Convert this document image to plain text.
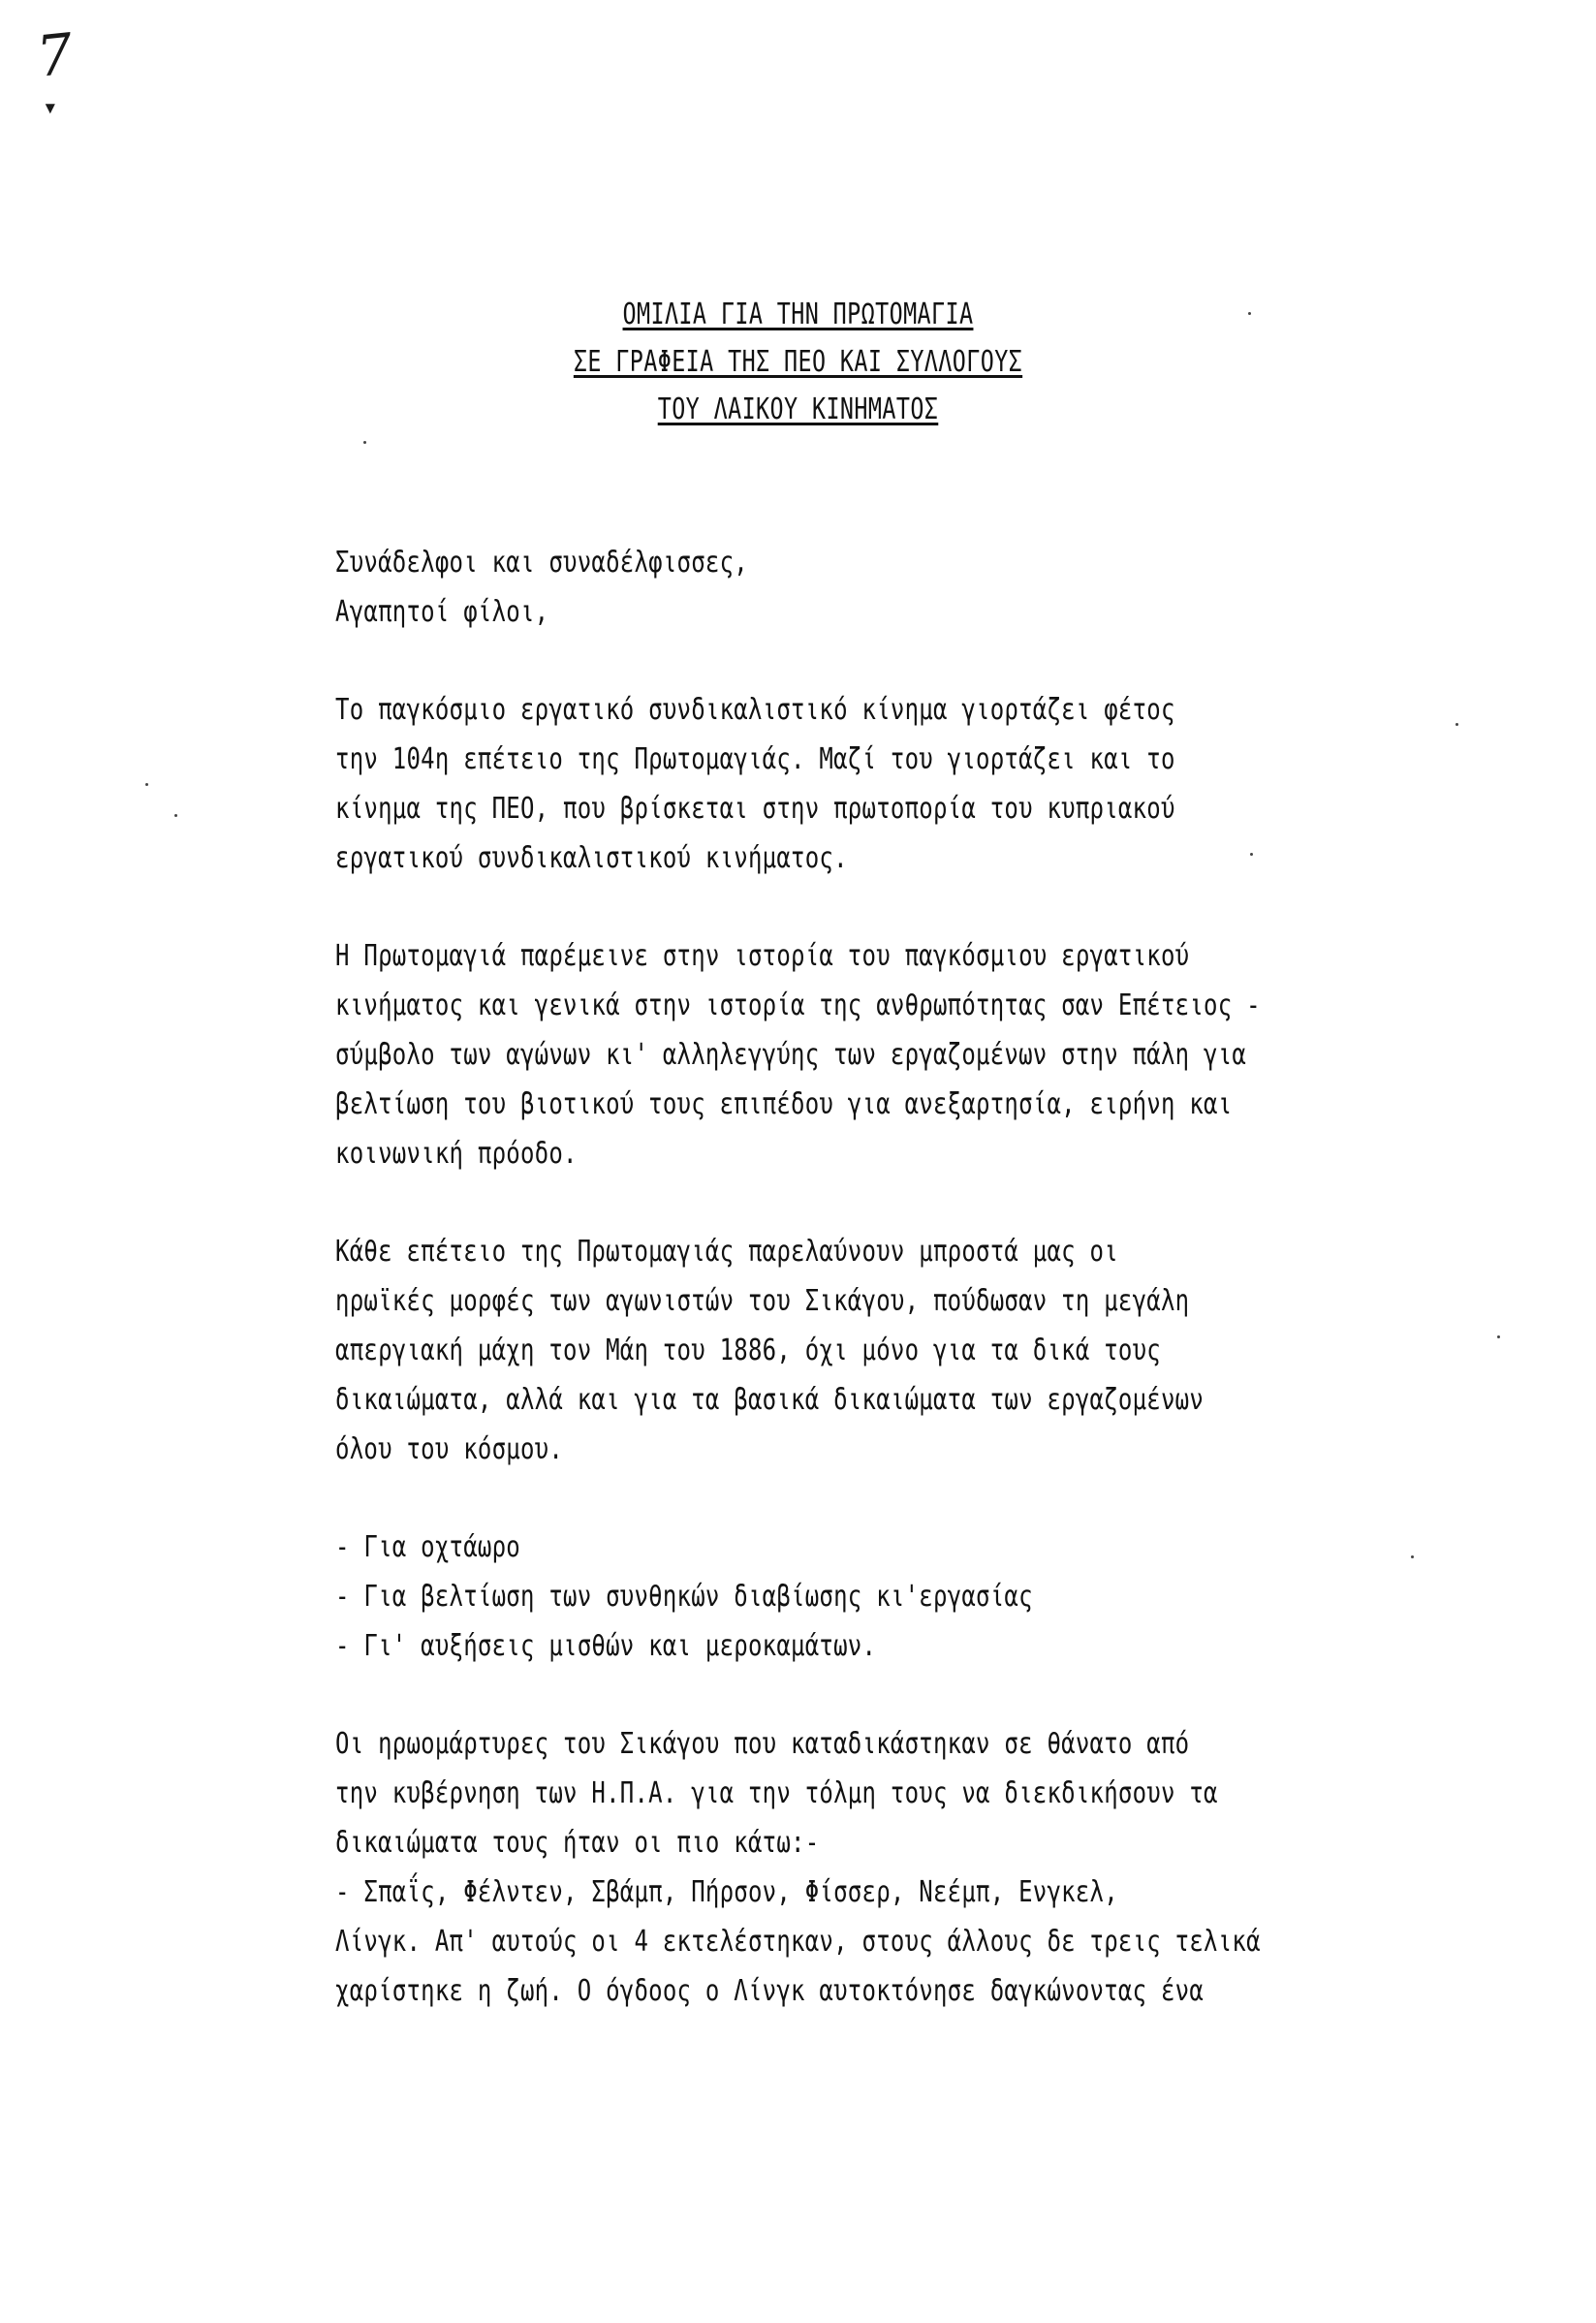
7
▾
ΟΜΙΛΙΑ ΓΙΑ ΤΗΝ ΠΡΩΤΟΜΑΓΙΑ
ΣΕ ΓΡΑΦΕΙΑ ΤΗΣ ΠΕΟ ΚΑΙ ΣΥΛΛΟΓΟΥΣ
ΤΟΥ ΛΑΙΚΟΥ ΚΙΝΗΜΑΤΟΣ
Συνάδελφοι και συναδέλφισσες,
Αγαπητοί φίλοι,
Το παγκόσμιο εργατικό συνδικαλιστικό κίνημα γιορτάζει φέτος
την 104η επέτειο της Πρωτομαγιάς. Μαζί του γιορτάζει και το
κίνημα της ΠΕΟ, που βρίσκεται στην πρωτοπορία του κυπριακού
εργατικού συνδικαλιστικού κινήματος.
Η Πρωτομαγιά παρέμεινε στην ιστορία του παγκόσμιου εργατικού
κινήματος και γενικά στην ιστορία της ανθρωπότητας σαν Επέτειος -
σύμβολο των αγώνων κι' αλληλεγγύης των εργαζομένων στην πάλη για
βελτίωση του βιοτικού τους επιπέδου για ανεξαρτησία, ειρήνη και
κοινωνική πρόοδο.
Κάθε επέτειο της Πρωτομαγιάς παρελαύνουν μπροστά μας οι
ηρωϊκές μορφές των αγωνιστών του Σικάγου, πούδωσαν τη μεγάλη
απεργιακή μάχη τον Μάη του 1886, όχι μόνο για τα δικά τους
δικαιώματα, αλλά και για τα βασικά δικαιώματα των εργαζομένων
όλου του κόσμου.
- Για οχτάωρο
- Για βελτίωση των συνθηκών διαβίωσης κι'εργασίας
- Γι' αυξήσεις μισθών και μεροκαμάτων.
Οι ηρωομάρτυρες του Σικάγου που καταδικάστηκαν σε θάνατο από
την κυβέρνηση των Η.Π.Α. για την τόλμη τους να διεκδικήσουν τα
δικαιώματα τους ήταν οι πιο κάτω:-
- Σπαΐς, Φέλντεν, Σβάμπ, Πήρσον, Φίσσερ, Νεέμπ, Ενγκελ,
Λίνγκ. Απ' αυτούς οι 4 εκτελέστηκαν, στους άλλους δε τρεις τελικά
χαρίστηκε η ζωή. Ο όγδοος ο Λίνγκ αυτοκτόνησε δαγκώνοντας ένα
